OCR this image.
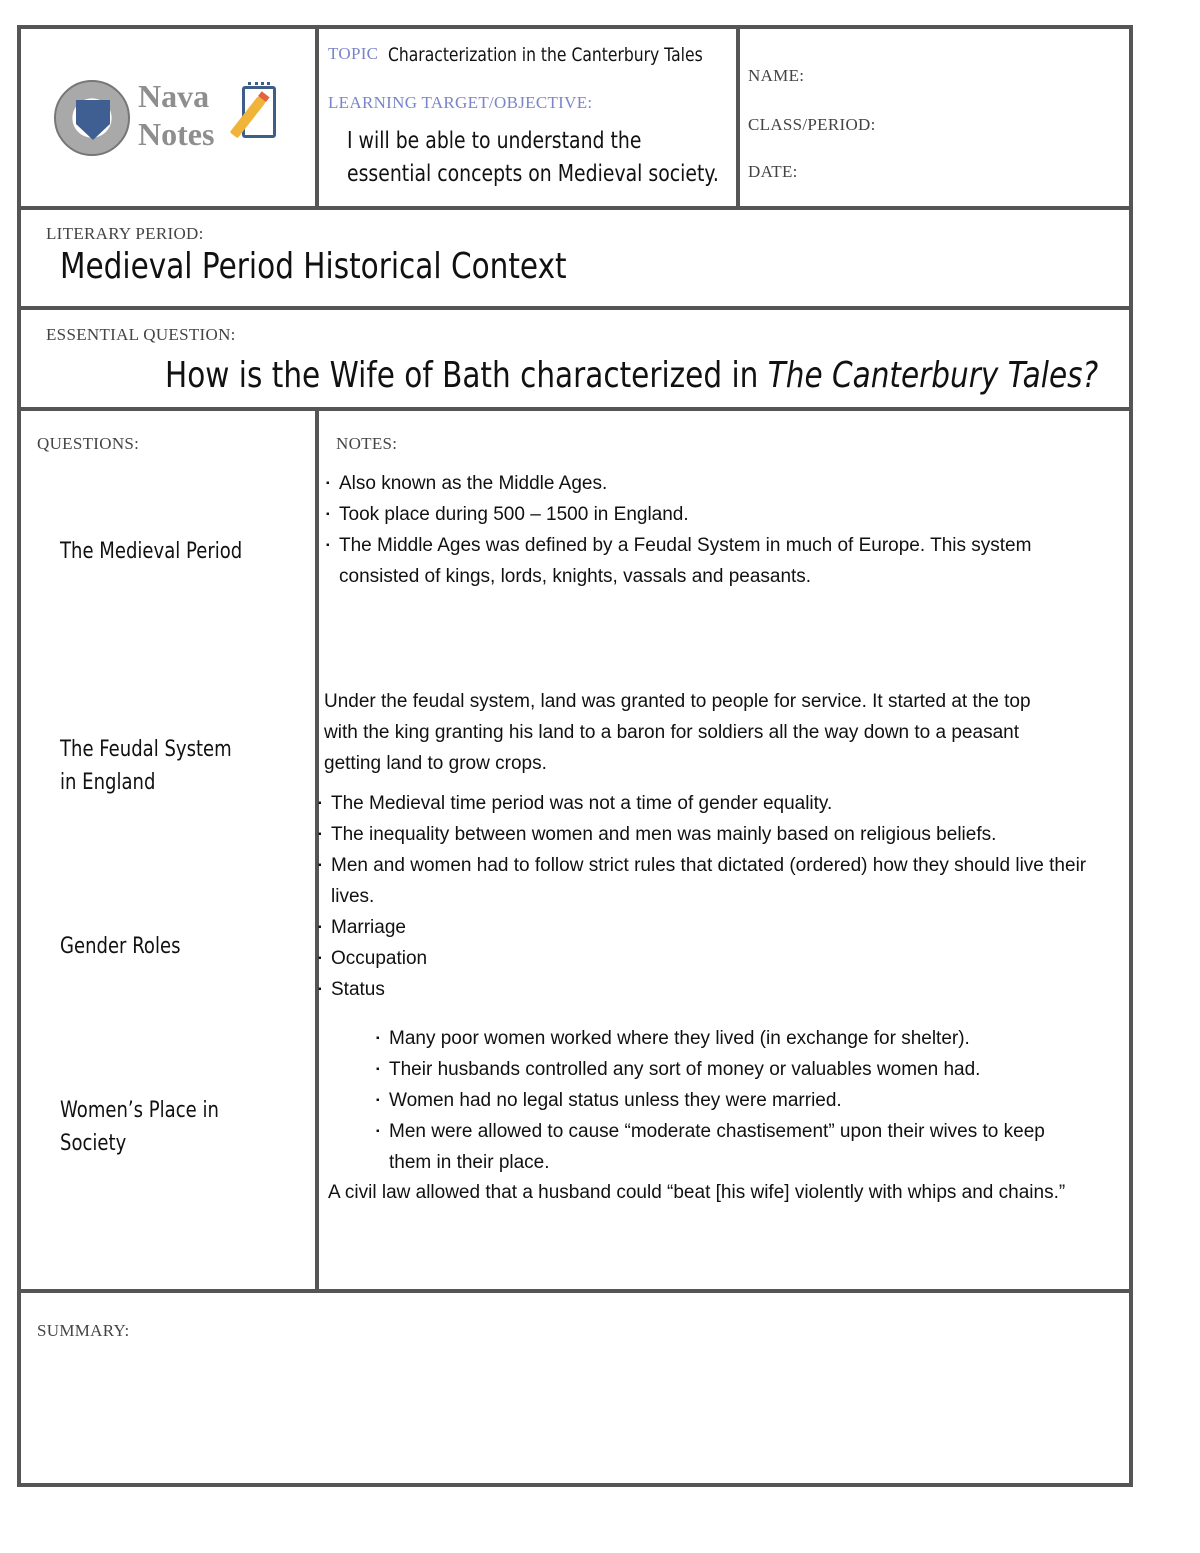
Nava
Notes
TOPIC Characterization in the Canterbury Tales
LEARNING TARGET/OBJECTIVE:
I will be able to understand the essential concepts on Medieval society.
NAME:
CLASS/PERIOD:
DATE:
LITERARY PERIOD:
Medieval Period Historical Context
ESSENTIAL QUESTION:
How is the Wife of Bath characterized in The Canterbury Tales?
QUESTIONS:	NOTES:
The Medieval Period
The Feudal System in England
Gender Roles
Women’s Place in Society
▪ Also known as the Middle Ages.
▪ Took place during 500 – 1500 in England.
▪ The Middle Ages was defined by a Feudal System in much of Europe. This system consisted of kings, lords, knights, vassals and peasants.

Under the feudal system, land was granted to people for service. It started at the top with the king granting his land to a baron for soldiers all the way down to a peasant getting land to grow crops.

▪ The Medieval time period was not a time of gender equality.
▪ The inequality between women and men was mainly based on religious beliefs.
▪ Men and women had to follow strict rules that dictated (ordered) how they should live their lives.
▪ Marriage
▪ Occupation
▪ Status
▪ Many poor women worked where they lived (in exchange for shelter).
▪ Their husbands controlled any sort of money or valuables women had.
▪ Women had no legal status unless they were married.
▪ Men were allowed to cause “moderate chastisement” upon their wives to keep them in their place.

A civil law allowed that a husband could “beat [his wife] violently with whips and chains.”

SUMMARY:
